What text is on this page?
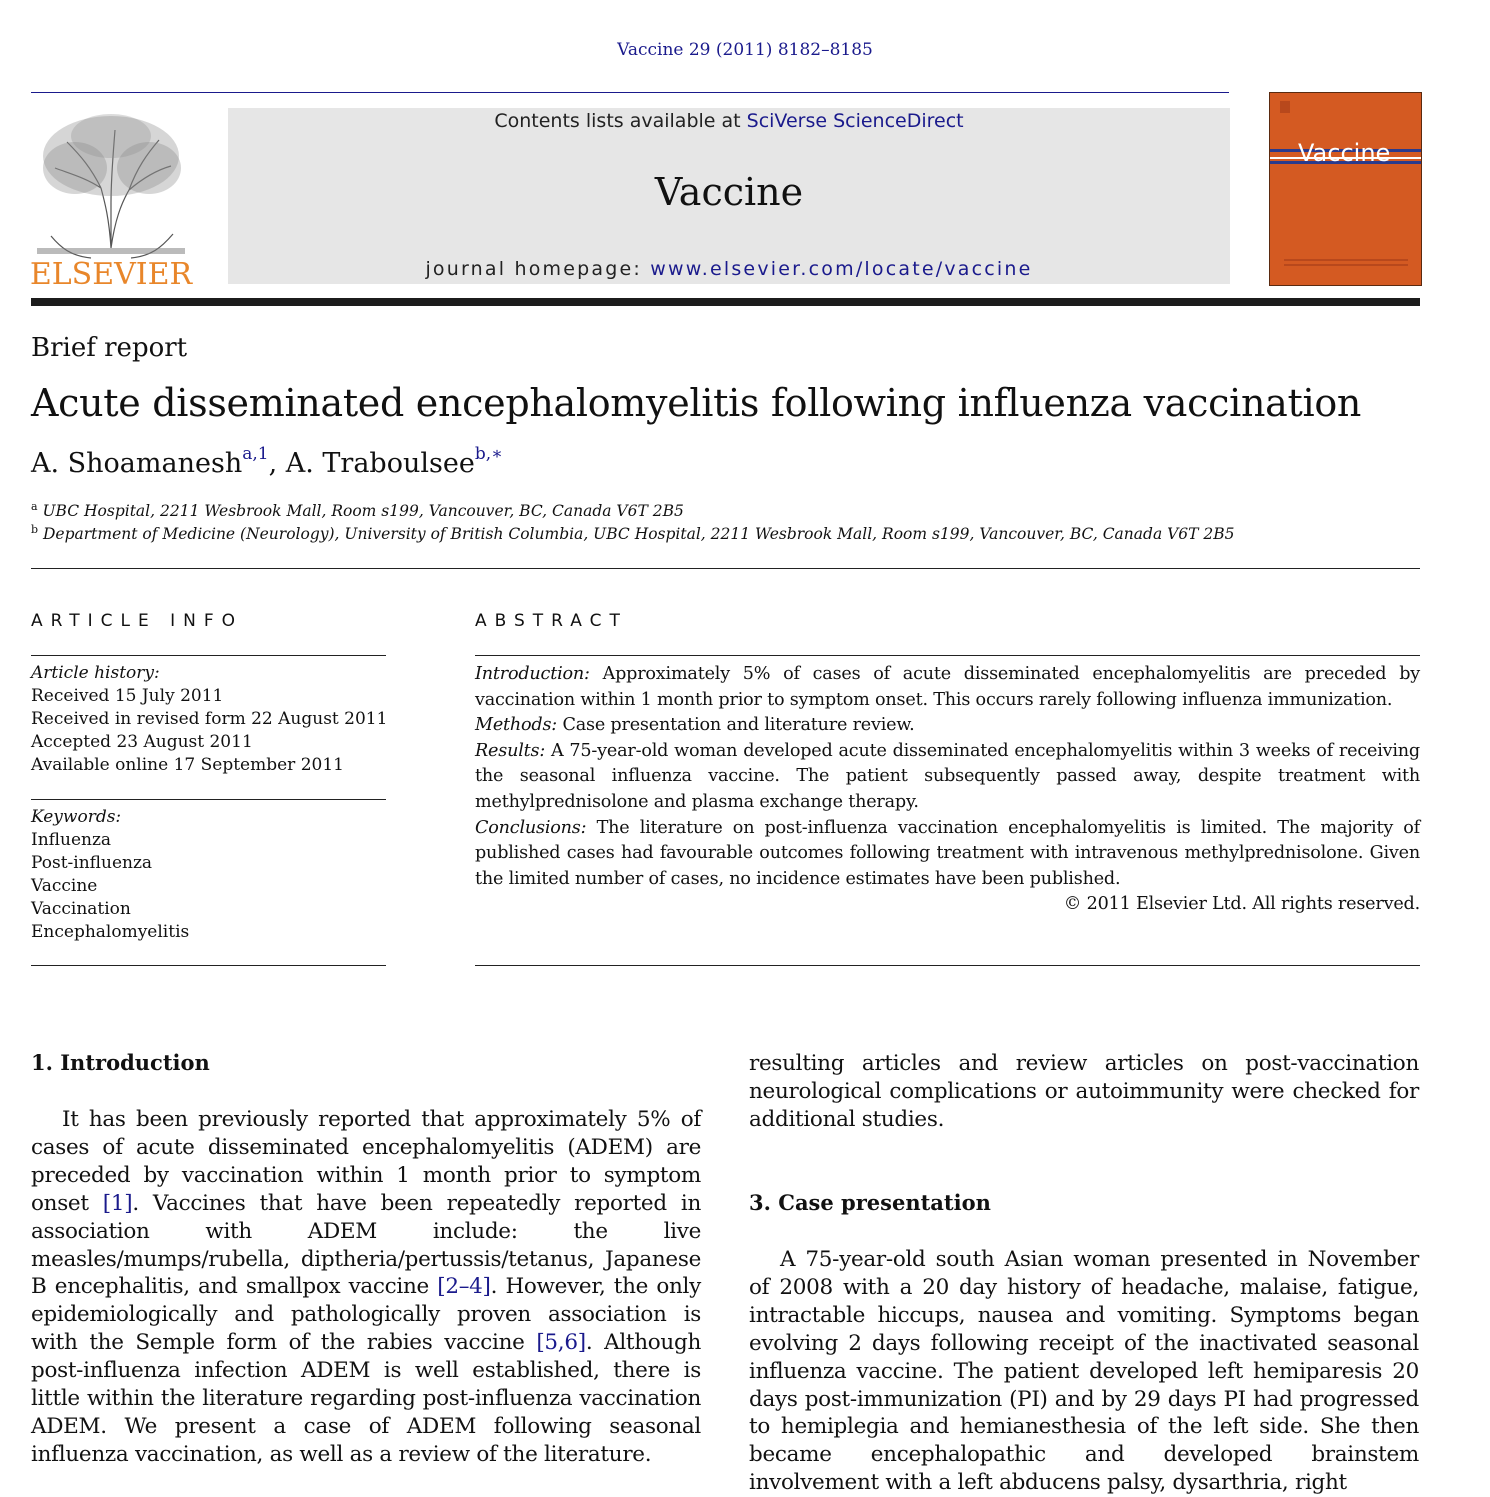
Vaccine 29 (2011) 8182–8185
ELSEVIER
Contents lists available at SciVerse ScienceDirect
Vaccine
journal homepage: www.elsevier.com/locate/vaccine
Vaccine
Brief report
Acute disseminated encephalomyelitis following influenza vaccination
A. Shoamanesh$^{a,1}$, A. Traboulsee$^{b,∗}$
$^a$ UBC Hospital, 2211 Wesbrook Mall, Room s199, Vancouver, BC, Canada V6T 2B5
$^b$ Department of Medicine (Neurology), University of British Columbia, UBC Hospital, 2211 Wesbrook Mall, Room s199, Vancouver, BC, Canada V6T 2B5
ARTICLE INFO
Article history:
Received 15 July 2011
Received in revised form 22 August 2011
Accepted 23 August 2011
Available online 17 September 2011
Keywords:
Influenza
Post-influenza
Vaccine
Vaccination
Encephalomyelitis
ABSTRACT

Introduction: Approximately 5% of cases of acute disseminated encephalomyelitis are preceded by vaccination within 1 month prior to symptom onset. This occurs rarely following influenza immunization.

Methods: Case presentation and literature review.

Results: A 75-year-old woman developed acute disseminated encephalomyelitis within 3 weeks of receiving the seasonal influenza vaccine. The patient subsequently passed away, despite treatment with methylprednisolone and plasma exchange therapy.

Conclusions: The literature on post-influenza vaccination encephalomyelitis is limited. The majority of published cases had favourable outcomes following treatment with intravenous methylprednisolone. Given the limited number of cases, no incidence estimates have been published.

© 2011 Elsevier Ltd. All rights reserved.

1. Introduction

It has been previously reported that approximately 5% of cases of acute disseminated encephalomyelitis (ADEM) are preceded by vaccination within 1 month prior to symptom onset [1]. Vaccines that have been repeatedly reported in association with ADEM include: the live measles/mumps/rubella, diptheria/pertussis/tetanus, Japanese B encephalitis, and smallpox vaccine [2–4]. However, the only epidemiologically and pathologically proven association is with the Semple form of the rabies vaccine [5,6]. Although post-influenza infection ADEM is well established, there is little within the literature regarding post-influenza vaccination ADEM. We present a case of ADEM following seasonal influenza vaccination, as well as a review of the literature.

resulting articles and review articles on post-vaccination neurological complications or autoimmunity were checked for additional studies.

3. Case presentation

A 75-year-old south Asian woman presented in November of 2008 with a 20 day history of headache, malaise, fatigue, intractable hiccups, nausea and vomiting. Symptoms began evolving 2 days following receipt of the inactivated seasonal influenza vaccine. The patient developed left hemiparesis 20 days post-immunization (PI) and by 29 days PI had progressed to hemiplegia and hemianesthesia of the left side. She then became encephalopathic and developed brainstem involvement with a left abducens palsy, dysarthria, right
